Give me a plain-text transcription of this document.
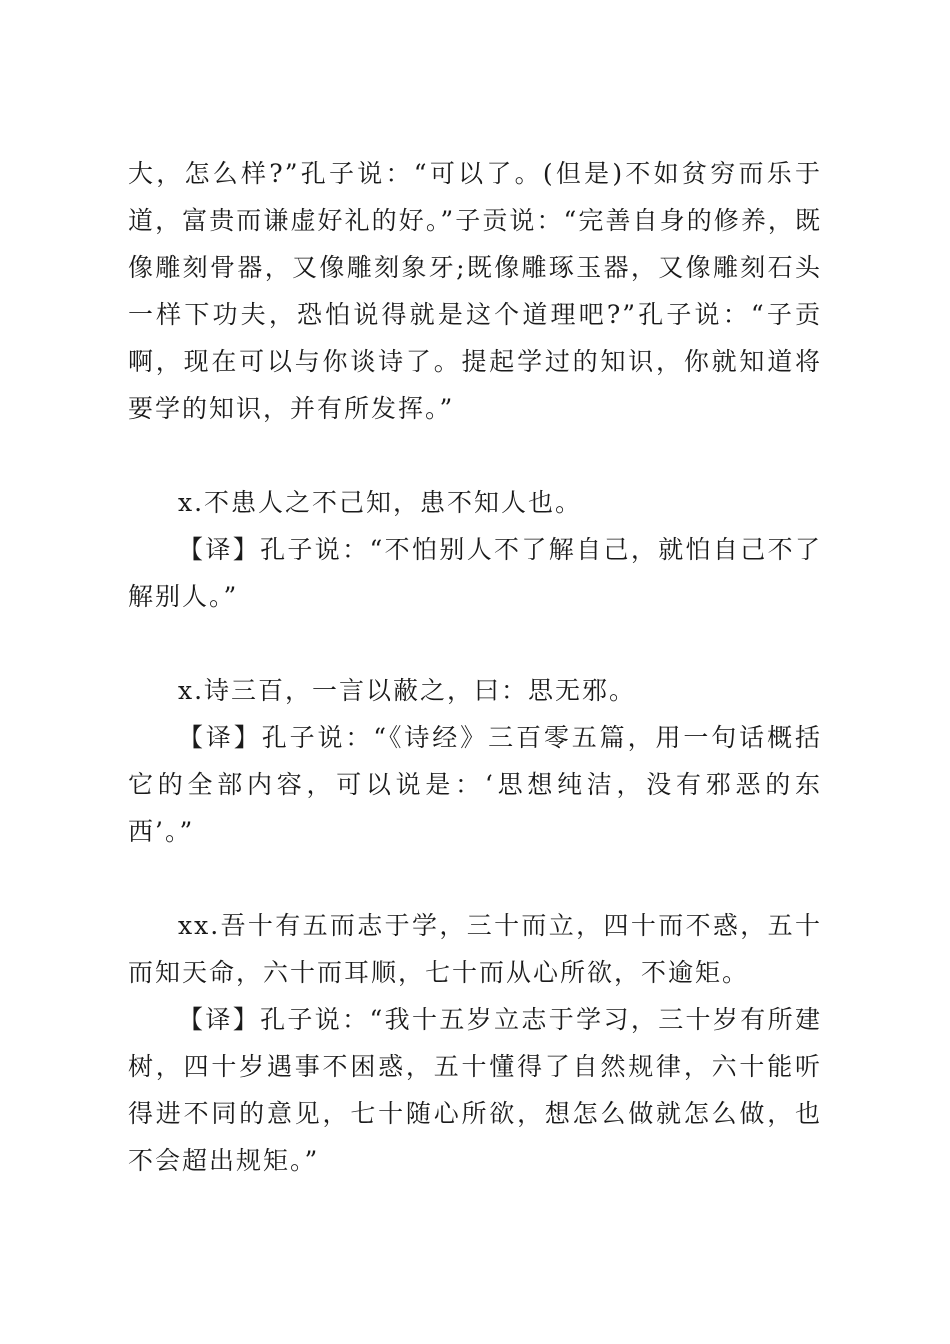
大，怎么样?”孔子说：“可以了。(但是)不如贫穷而乐于道，富贵而谦虚好礼的好。”子贡说：“完善自身的修养，既像雕刻骨器，又像雕刻象牙;既像雕琢玉器，又像雕刻石头一样下功夫，恐怕说得就是这个道理吧?”孔子说：“子贡啊，现在可以与你谈诗了。提起学过的知识，你就知道将要学的知识，并有所发挥。”

x.不患人之不己知，患不知人也。

【译】孔子说：“不怕别人不了解自己，就怕自己不了解别人。”

x.诗三百，一言以蔽之，曰：思无邪。

【译】孔子说：“《诗经》三百零五篇，用一句话概括它的全部内容，可以说是：‘思想纯洁，没有邪恶的东西’。”

xx.吾十有五而志于学，三十而立，四十而不惑，五十而知天命，六十而耳顺，七十而从心所欲，不逾矩。

【译】孔子说：“我十五岁立志于学习，三十岁有所建树，四十岁遇事不困惑，五十懂得了自然规律，六十能听得进不同的意见，七十随心所欲，想怎么做就怎么做，也不会超出规矩。”
